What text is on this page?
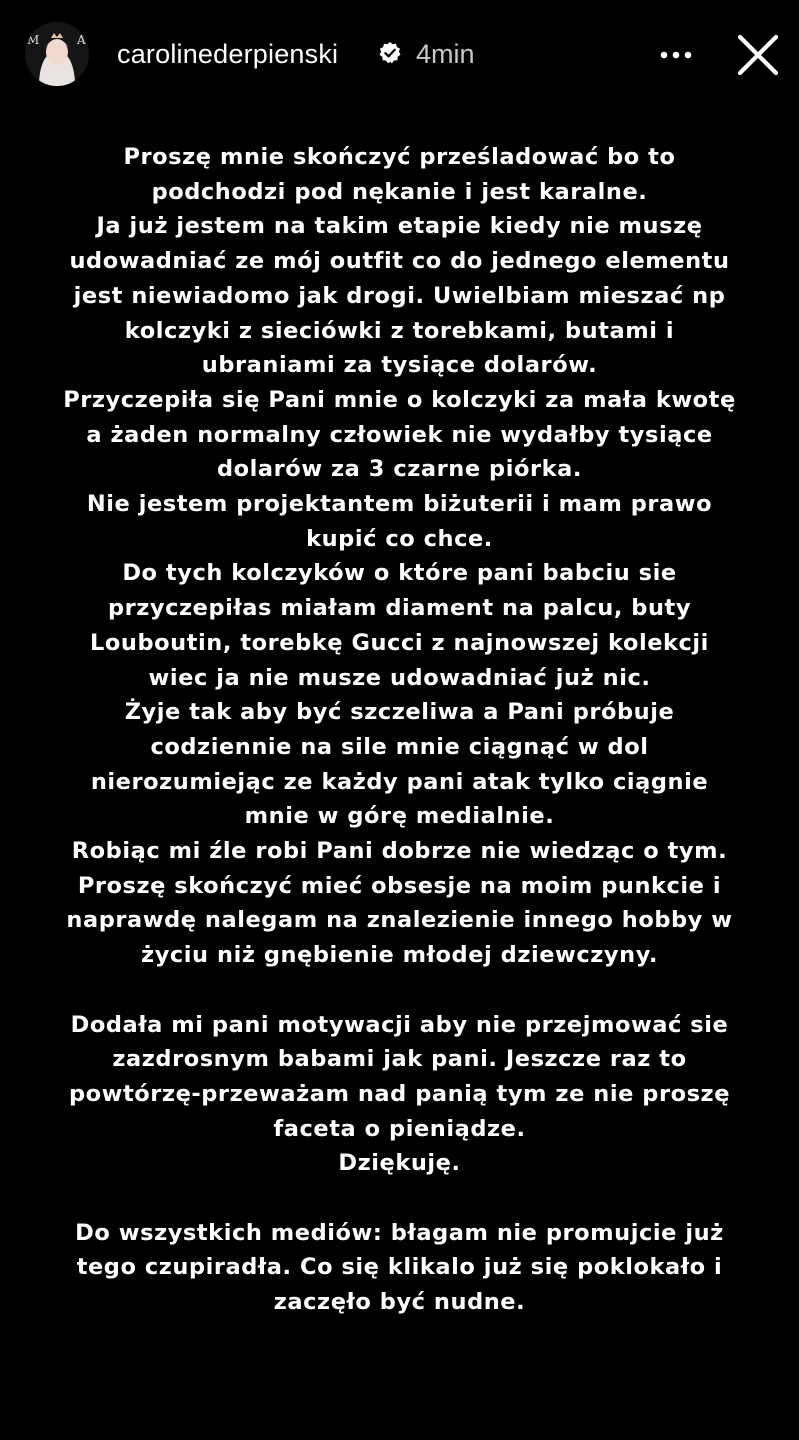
M	A carolinederpienski	4min
Proszę mnie skończyć prześladować bo to
podchodzi pod nękanie i jest karalne.
Ja już jestem na takim etapie kiedy nie muszę
udowadniać ze mój outfit co do jednego elementu
jest niewiadomo jak drogi. Uwielbiam mieszać np
kolczyki z sieciówki z torebkami, butami i
ubraniami za tysiące dolarów.
Przyczepiła się Pani mnie o kolczyki za mała kwotę
a żaden normalny człowiek nie wydałby tysiące
dolarów za 3 czarne piórka.
Nie jestem projektantem biżuterii i mam prawo
kupić co chce.
Do tych kolczyków o które pani babciu sie
przyczepiłas miałam diament na palcu, buty
Louboutin, torebkę Gucci z najnowszej kolekcji
wiec ja nie musze udowadniać już nic.
Żyje tak aby być szczeliwa a Pani próbuje
codziennie na sile mnie ciągnąć w dol
nierozumiejąc ze każdy pani atak tylko ciągnie
mnie w górę medialnie.
Robiąc mi źle robi Pani dobrze nie wiedząc o tym.
Proszę skończyć mieć obsesje na moim punkcie i
naprawdę nalegam na znalezienie innego hobby w
życiu niż gnębienie młodej dziewczyny.
Dodała mi pani motywacji aby nie przejmować sie
zazdrosnym babami jak pani. Jeszcze raz to
powtórzę-przeważam nad panią tym ze nie proszę
faceta o pieniądze.
Dziękuję.
Do wszystkich mediów: błagam nie promujcie już
tego czupiradła. Co się klikalo już się poklokało i
zaczęło być nudne.
